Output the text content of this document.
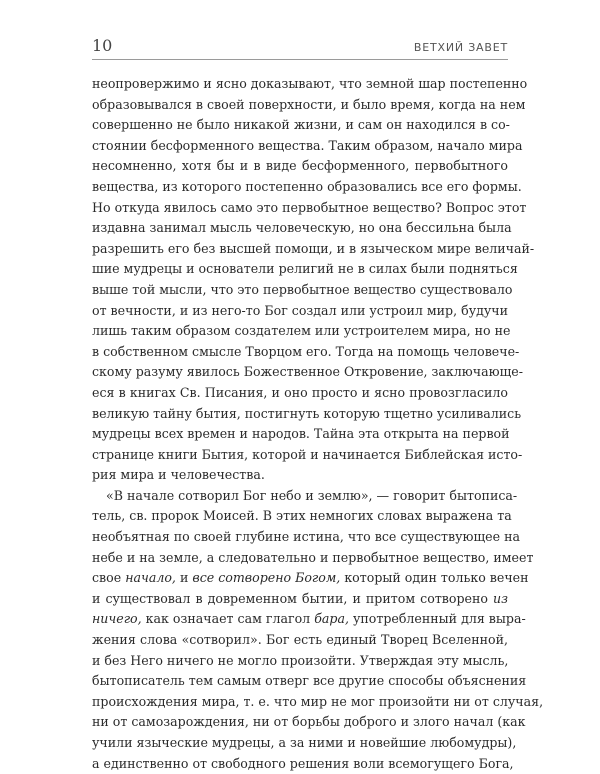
10	ВЕТХИЙ ЗАВЕТ
неопровержимо и ясно доказывают, что земной шар постепенно
образовывался в своей поверхности, и было время, когда на нем
совершенно не было никакой жизни, и сам он находился в со-
стоянии бесформенного вещества. Таким образом, начало мира
несомненно, хотя бы и в виде бесформенного, первобытного
вещества, из которого постепенно образовались все его формы.
Но откуда явилось само это первобытное вещество? Вопрос этот
издавна занимал мысль человеческую, но она бессильна была
разрешить его без высшей помощи, и в языческом мире величай-
шие мудрецы и основатели религий не в силах были подняться
выше той мысли, что это первобытное вещество существовало
от вечности, и из него-то Бог создал или устроил мир, будучи
лишь таким образом создателем или устроителем мира, но не
в собственном смысле Творцом его. Тогда на помощь человече-
скому разуму явилось Божественное Откровение, заключающе-
еся в книгах Св. Писания, и оно просто и ясно провозгласило
великую тайну бытия, постигнуть которую тщетно усиливались
мудрецы всех времен и народов. Тайна эта открыта на первой
странице книги Бытия, которой и начинается Библейская исто-
рия мира и человечества.
«В начале сотворил Бог небо и землю», — говорит бытописа-
тель, св. пророк Моисей. В этих немногих словах выражена та
необъятная по своей глубине истина, что все существующее на
небе и на земле, а следовательно и первобытное вещество, имеет
свое начало, и все сотворено Богом, который один только вечен
и существовал в довременном бытии, и притом сотворено из
ничего, как означает сам глагол бара, употребленный для выра-
жения слова «сотворил». Бог есть единый Творец Вселенной,
и без Него ничего не могло произойти. Утверждая эту мысль,
бытописатель тем самым отверг все другие способы объяснения
происхождения мира, т. е. что мир не мог произойти ни от случая,
ни от самозарождения, ни от борьбы доброго и злого начал (как
учили языческие мудрецы, а за ними и новейшие любомудры),
а единственно от свободного решения воли всемогущего Бога,
